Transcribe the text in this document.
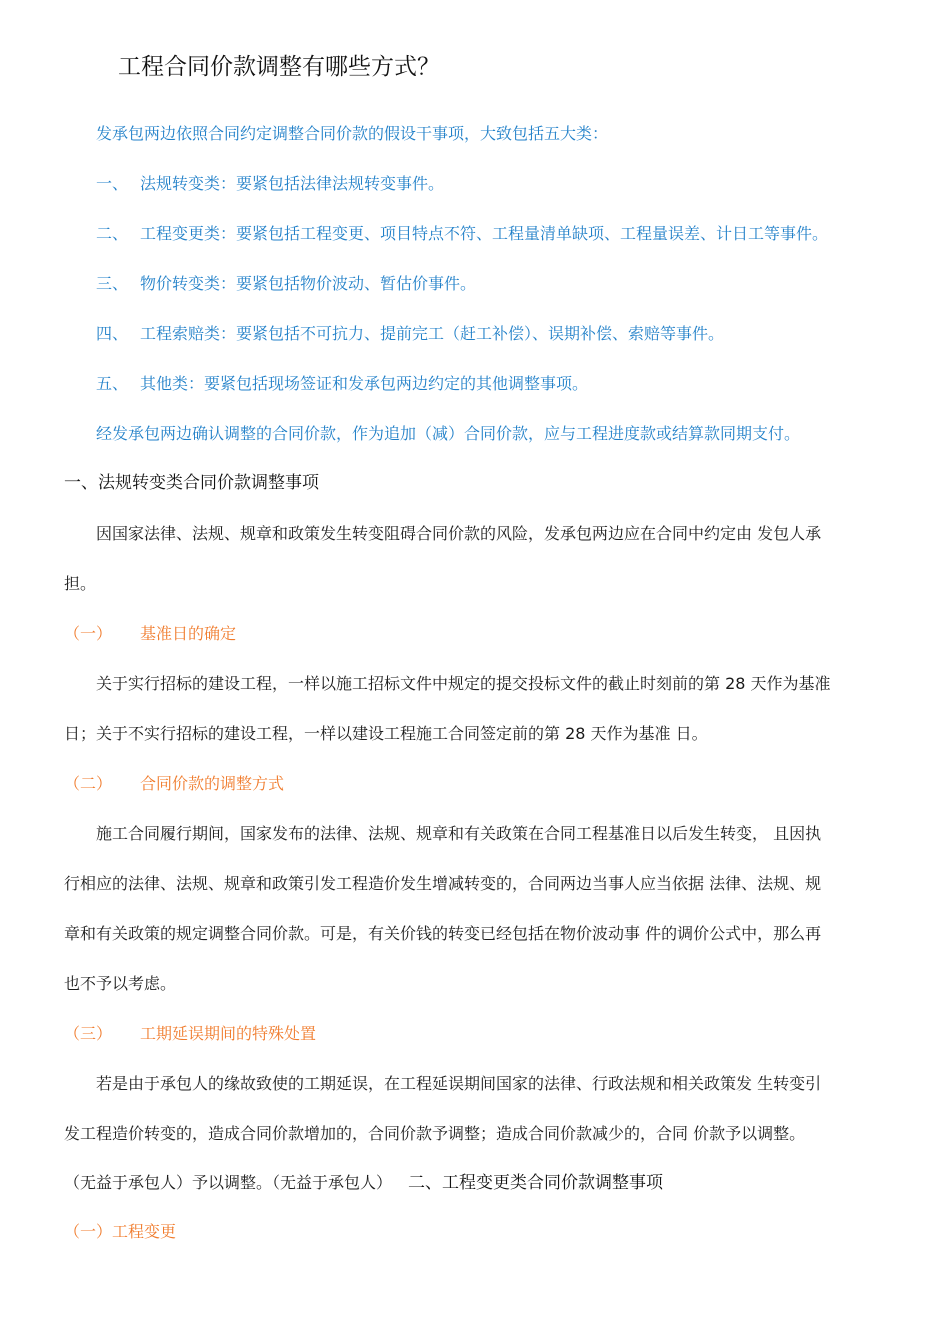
工程合同价款调整有哪些方式？
发承包两边依照合同约定调整合同价款的假设干事项，大致包括五大类：
一、 法规转变类：要紧包括法律法规转变事件。
二、 工程变更类：要紧包括工程变更、项目特点不符、工程量清单缺项、工程量误差、计日工等事件。
三、 物价转变类：要紧包括物价波动、暂估价事件。
四、 工程索赔类：要紧包括不可抗力、提前完工（赶工补偿）、误期补偿、索赔等事件。
五、 其他类：要紧包括现场签证和发承包两边约定的其他调整事项。
经发承包两边确认调整的合同价款，作为追加（减）合同价款，应与工程进度款或结算款同期支付。
一、法规转变类合同价款调整事项
因国家法律、法规、规章和政策发生转变阻碍合同价款的风险，发承包两边应在合同中约定由 发包人承
担。
（一） 基准日的确定
关于实行招标的建设工程，一样以施工招标文件中规定的提交投标文件的截止时刻前的第 28 天作为基准
日；关于不实行招标的建设工程，一样以建设工程施工合同签定前的第 28 天作为基准 日。
（二） 合同价款的调整方式
施工合同履行期间，国家发布的法律、法规、规章和有关政策在合同工程基准日以后发生转变， 且因执
行相应的法律、法规、规章和政策引发工程造价发生增减转变的，合同两边当事人应当依据 法律、法规、规
章和有关政策的规定调整合同价款。可是，有关价钱的转变已经包括在物价波动事 件的调价公式中，那么再
也不予以考虑。
（三） 工期延误期间的特殊处置
若是由于承包人的缘故致使的工期延误，在工程延误期间国家的法律、行政法规和相关政策发 生转变引
发工程造价转变的，造成合同价款增加的，合同价款予调整；造成合同价款减少的，合同 价款予以调整。
（无益于承包人）予以调整。（无益于承包人） 二、工程变更类合同价款调整事项
（一）工程变更
